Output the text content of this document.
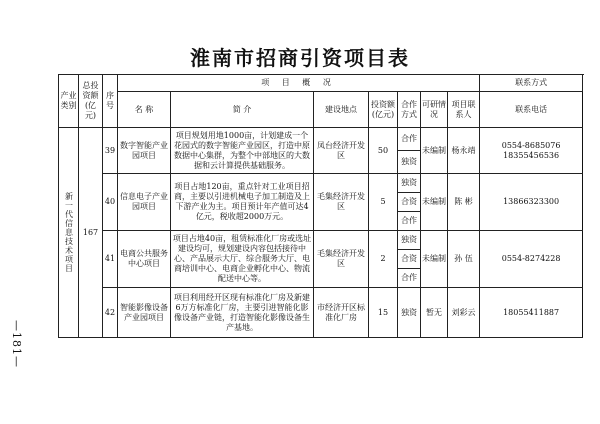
淮南市招商引资项目表
—181—
产业类别	总投资额(亿元)	序号	项 目 概 况							联系方式
			名 称	简 介	建设地点	投资额(亿元)	合作方式	可研情况	项目联系人	联系电话
新一代信息技术项目	167	39	数字智能产业园项目	项目规划用地1000亩，计划建成一个花园式的数字智能产业园区，打造中原数据中心集群，为整个中部地区的大数据和云计算提供基础服务。	凤台经济开发区	50	合作	未编制	杨永靖	0554-8685076 18355456536
							独资			
		40	信息电子产业园项目	项目占地120亩，重点针对工业项目招商，主要以引进机械电子加工制造及上下游产业为主。项目预计年产值可达4亿元，税收超2000万元。	毛集经济开发区	5	独资	未编制	陈 彬	13866323300
							合资			
							合作			
		41	电商公共服务中心项目	项目占地40亩，租赁标准化厂房或选址建设均可，规划建设内容包括接待中心、产品展示大厅、综合服务大厅、电商培训中心、电商企业孵化中心、物流配送中心等。	毛集经济开发区	2	独资	未编制	孙 伍	0554-8274228
							合资			
							合作			
		42	智能影像设备产业园项目	项目利用经开区现有标准化厂房及新建6万方标准化厂房，主要引进智能化影像设备产业链，打造智能化影像设备生产基地。	市经济开区标准化厂房	15	独资	暂无	刘彩云	18055411887
